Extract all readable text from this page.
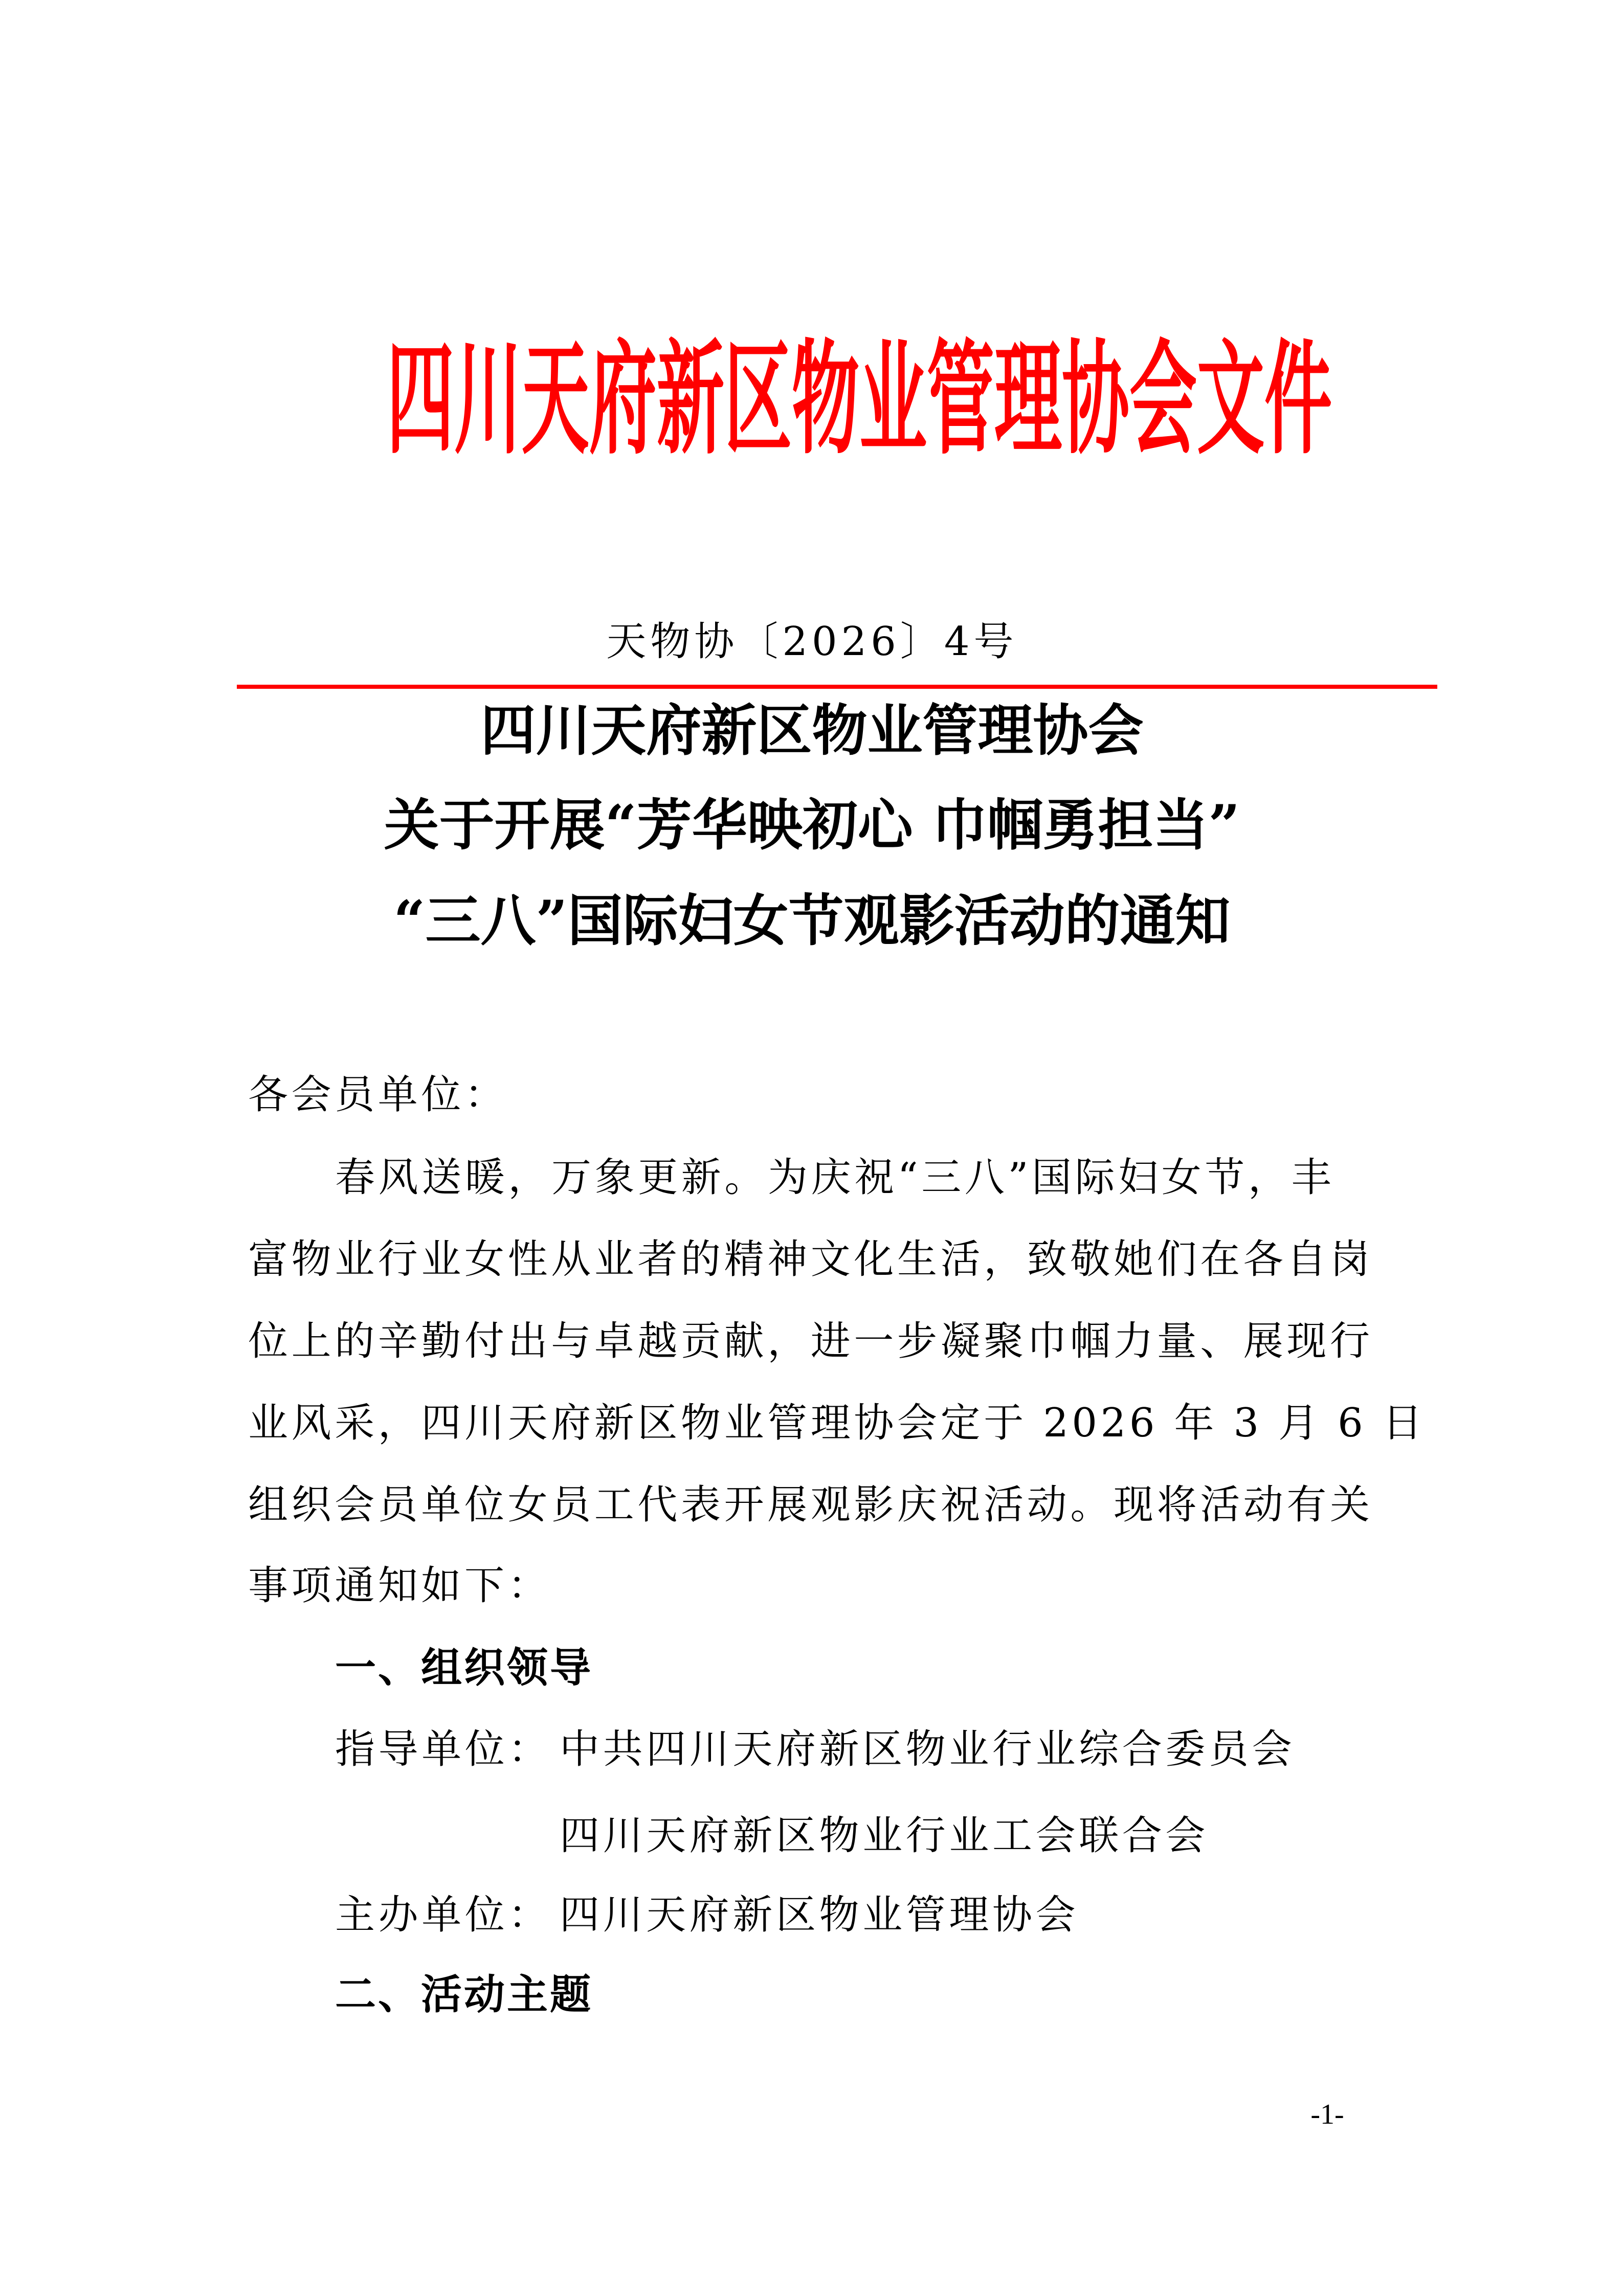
四川天府新区物业管理协会文件
天物协〔2026〕4号
四川天府新区物业管理协会
关于开展“芳华映初心 巾帼勇担当”
“三八”国际妇女节观影活动的通知
各会员单位：
春风送暖，万象更新。为庆祝“三八”国际妇女节，丰
富物业行业女性从业者的精神文化生活，致敬她们在各自岗
位上的辛勤付出与卓越贡献，进一步凝聚巾帼力量、展现行
业风采，四川天府新区物业管理协会定于 2026 年 3 月 6 日
组织会员单位女员工代表开展观影庆祝活动。现将活动有关
事项通知如下：
一、组织领导
指导单位： 中共四川天府新区物业行业综合委员会
四川天府新区物业行业工会联合会
主办单位： 四川天府新区物业管理协会
二、活动主题
-1-
